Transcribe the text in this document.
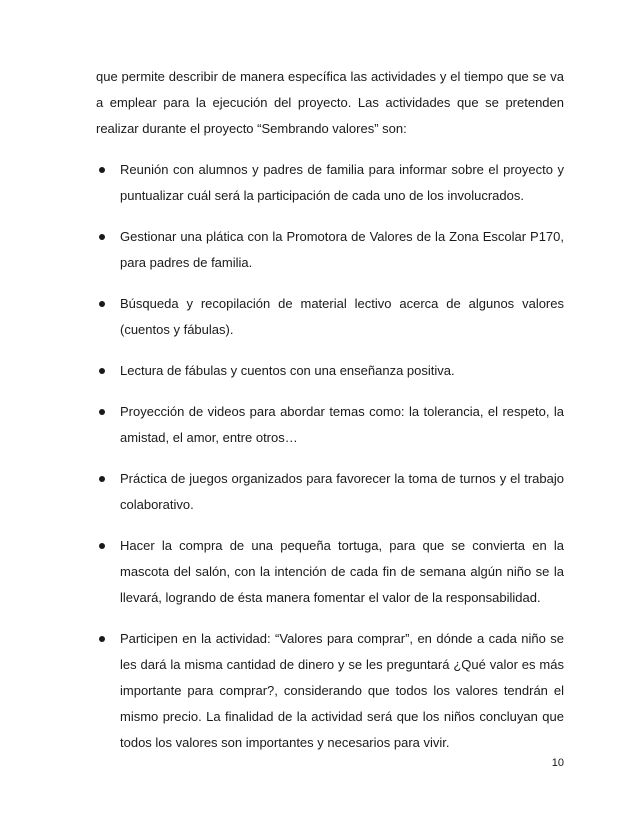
que permite describir de manera específica las actividades y el tiempo que se va a emplear para la ejecución del proyecto. Las actividades que se pretenden realizar durante el proyecto “Sembrando valores” son:

Reunión con alumnos y padres de familia para informar sobre el proyecto y puntualizar cuál será la participación de cada uno de los involucrados.
Gestionar una plática con la Promotora de Valores de la Zona Escolar P170, para padres de familia.
Búsqueda y recopilación de material lectivo acerca de algunos valores (cuentos y fábulas).
Lectura de fábulas y cuentos con una enseñanza positiva.
Proyección de videos para abordar temas como: la tolerancia, el respeto, la amistad, el amor, entre otros…
Práctica de juegos organizados para favorecer la toma de turnos y el trabajo colaborativo.
Hacer la compra de una pequeña tortuga, para que se convierta en la mascota del salón, con la intención de cada fin de semana algún niño se la llevará, logrando de ésta manera fomentar el valor de la responsabilidad.
Participen en la actividad: “Valores para comprar”, en dónde a cada niño se les dará la misma cantidad de dinero y se les preguntará ¿Qué valor es más importante para comprar?, considerando que todos los valores tendrán el mismo precio. La finalidad de la actividad será que los niños concluyan que todos los valores son importantes y necesarios para vivir.
10
